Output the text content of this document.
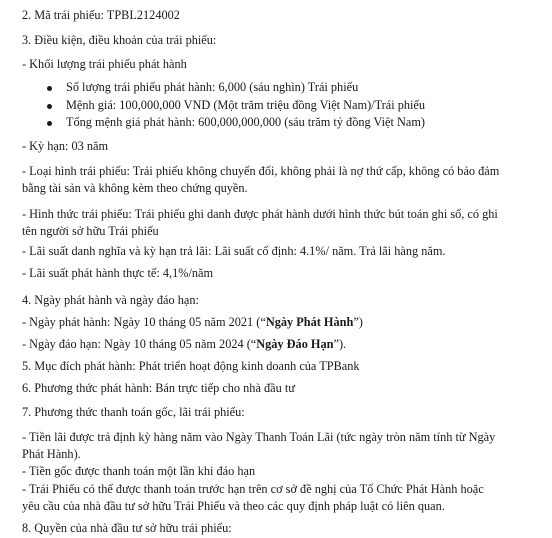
2. Mã trái phiếu: TPBL2124002
3. Điều kiện, điều khoản của trái phiếu:
- Khối lượng trái phiếu phát hành
Số lượng trái phiếu phát hành: 6,000 (sáu nghìn) Trái phiếu
Mệnh giá: 100,000,000 VND (Một trăm triệu đồng Việt Nam)/Trái phiếu
Tổng mệnh giá phát hành: 600,000,000,000 (sáu trăm tỷ đồng Việt Nam)
- Kỳ hạn: 03 năm
- Loại hình trái phiếu: Trái phiếu không chuyển đổi, không phải là nợ thứ cấp, không có bảo đảm
bằng tài sản và không kèm theo chứng quyền.
- Hình thức trái phiếu: Trái phiếu ghi danh được phát hành dưới hình thức bút toán ghi sổ, có ghi
tên người sở hữu Trái phiếu
- Lãi suất danh nghĩa và kỳ hạn trả lãi: Lãi suất cố định: 4.1%/ năm. Trả lãi hàng năm.
- Lãi suất phát hành thực tế: 4,1%/năm
4. Ngày phát hành và ngày đáo hạn:
- Ngày phát hành: Ngày 10 tháng 05 năm 2021 (“Ngày Phát Hành”)
- Ngày đáo hạn: Ngày 10 tháng 05 năm 2024 (“Ngày Đáo Hạn”).
5. Mục đích phát hành: Phát triển hoạt động kinh doanh của TPBank
6. Phương thức phát hành: Bán trực tiếp cho nhà đầu tư
7. Phương thức thanh toán gốc, lãi trái phiếu:
- Tiền lãi được trả định kỳ hàng năm vào Ngày Thanh Toán Lãi (tức ngày tròn năm tính từ Ngày
Phát Hành).
- Tiền gốc được thanh toán một lần khi đáo hạn
- Trái Phiếu có thể được thanh toán trước hạn trên cơ sở đề nghị của Tổ Chức Phát Hành hoặc
yêu cầu của nhà đầu tư sở hữu Trái Phiếu và theo các quy định pháp luật có liên quan.
8. Quyền của nhà đầu tư sở hữu trái phiếu:
